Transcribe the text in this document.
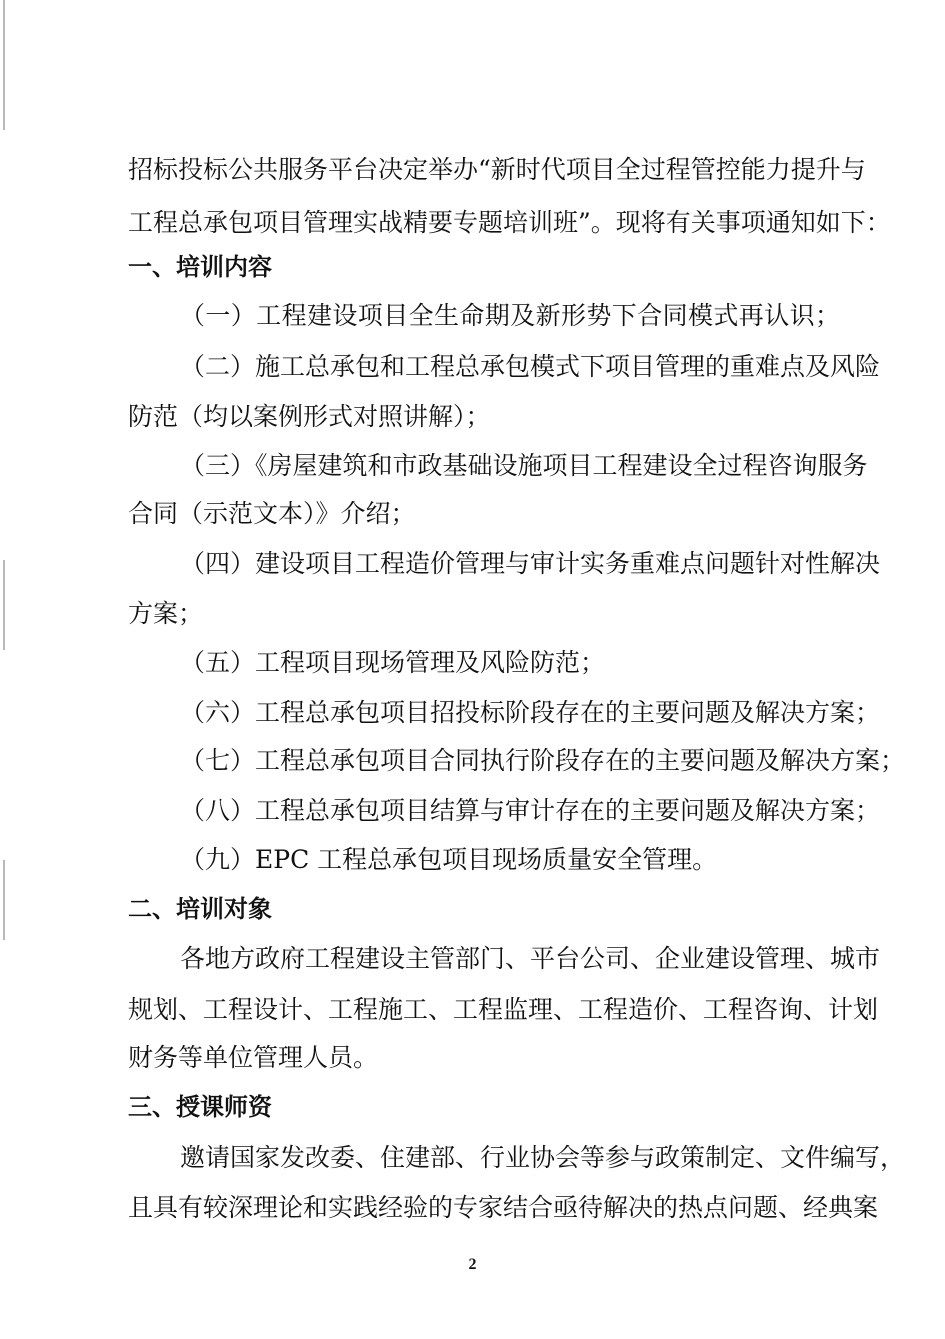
招标投标公共服务平台决定举办“新时代项目全过程管控能力提升与
工程总承包项目管理实战精要专题培训班”。现将有关事项通知如下：
一、培训内容
（一）工程建设项目全生命期及新形势下合同模式再认识；
（二）施工总承包和工程总承包模式下项目管理的重难点及风险
防范（均以案例形式对照讲解）；
（三）《房屋建筑和市政基础设施项目工程建设全过程咨询服务
合同（示范文本）》介绍；
（四）建设项目工程造价管理与审计实务重难点问题针对性解决
方案；
（五）工程项目现场管理及风险防范；
（六）工程总承包项目招投标阶段存在的主要问题及解决方案；
（七）工程总承包项目合同执行阶段存在的主要问题及解决方案；
（八）工程总承包项目结算与审计存在的主要问题及解决方案；
（九）EPC 工程总承包项目现场质量安全管理。
二、培训对象
各地方政府工程建设主管部门、平台公司、企业建设管理、城市
规划、工程设计、工程施工、工程监理、工程造价、工程咨询、计划
财务等单位管理人员。
三、授课师资
邀请国家发改委、住建部、行业协会等参与政策制定、文件编写，
且具有较深理论和实践经验的专家结合亟待解决的热点问题、经典案
2
